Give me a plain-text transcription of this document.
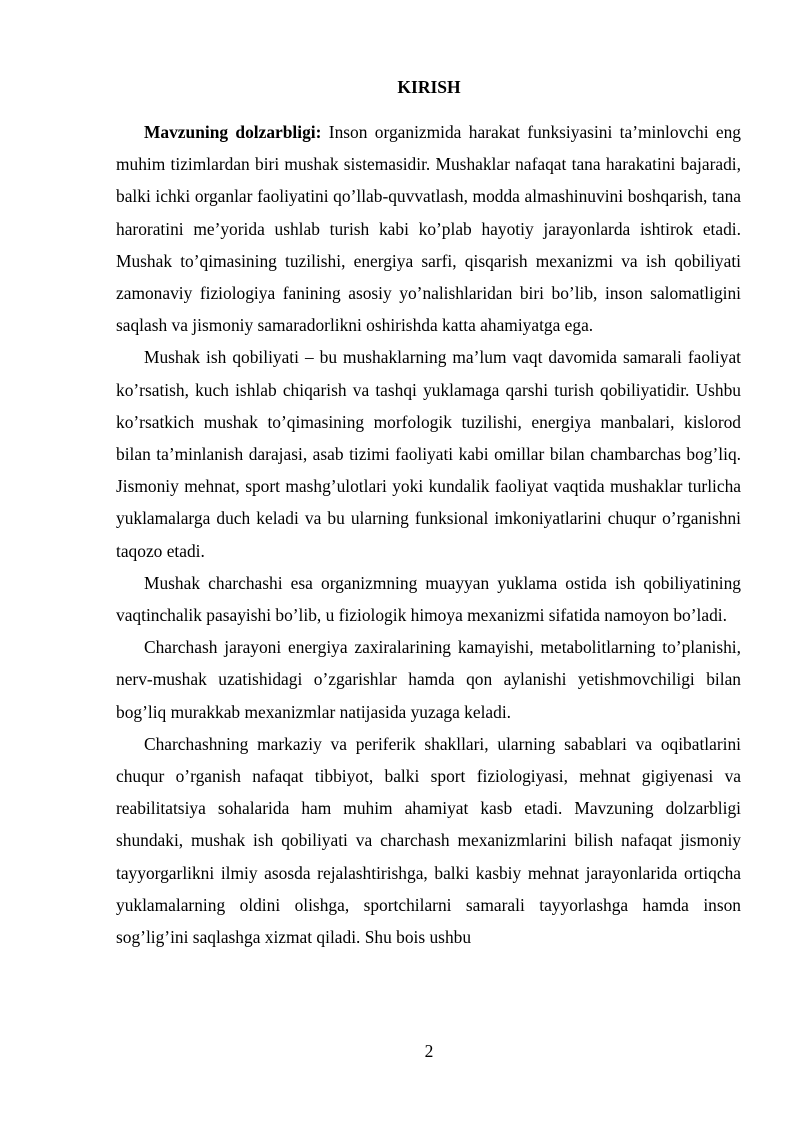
KIRISH

Mavzuning dolzarbligi: Inson organizmida harakat funksiyasini ta’minlovchi eng muhim tizimlardan biri mushak sistemasidir. Mushaklar nafaqat tana harakatini bajaradi, balki ichki organlar faoliyatini qo’llab-quvvatlash, modda almashinuvini boshqarish, tana haroratini me’yorida ushlab turish kabi ko’plab hayotiy jarayonlarda ishtirok etadi. Mushak to’qimasining tuzilishi, energiya sarfi, qisqarish mexanizmi va ish qobiliyati zamonaviy fiziologiya fanining asosiy yo’nalishlaridan biri bo’lib, inson salomatligini saqlash va jismoniy samaradorlikni oshirishda katta ahamiyatga ega.

Mushak ish qobiliyati – bu mushaklarning ma’lum vaqt davomida samarali faoliyat ko’rsatish, kuch ishlab chiqarish va tashqi yuklamaga qarshi turish qobiliyatidir. Ushbu ko’rsatkich mushak to’qimasining morfologik tuzilishi, energiya manbalari, kislorod bilan ta’minlanish darajasi, asab tizimi faoliyati kabi omillar bilan chambarchas bog’liq. Jismoniy mehnat, sport mashg’ulotlari yoki kundalik faoliyat vaqtida mushaklar turlicha yuklamalarga duch keladi va bu ularning funksional imkoniyatlarini chuqur o’rganishni taqozo etadi.

Mushak charchashi esa organizmning muayyan yuklama ostida ish qobiliyatining vaqtinchalik pasayishi bo’lib, u fiziologik himoya mexanizmi sifatida namoyon bo’ladi.

Charchash jarayoni energiya zaxiralarining kamayishi, metabolitlarning to’planishi, nerv-mushak uzatishidagi o’zgarishlar hamda qon aylanishi yetishmovchiligi bilan bog’liq murakkab mexanizmlar natijasida yuzaga keladi.

Charchashning markaziy va periferik shakllari, ularning sabablari va oqibatlarini chuqur o’rganish nafaqat tibbiyot, balki sport fiziologiyasi, mehnat gigiyenasi va reabilitatsiya sohalarida ham muhim ahamiyat kasb etadi. Mavzuning dolzarbligi shundaki, mushak ish qobiliyati va charchash mexanizmlarini bilish nafaqat jismoniy tayyorgarlikni ilmiy asosda rejalashtirishga, balki kasbiy mehnat jarayonlarida ortiqcha yuklamalarning oldini olishga, sportchilarni samarali tayyorlashga hamda inson sog’lig’ini saqlashga xizmat qiladi. Shu bois ushbu

2
